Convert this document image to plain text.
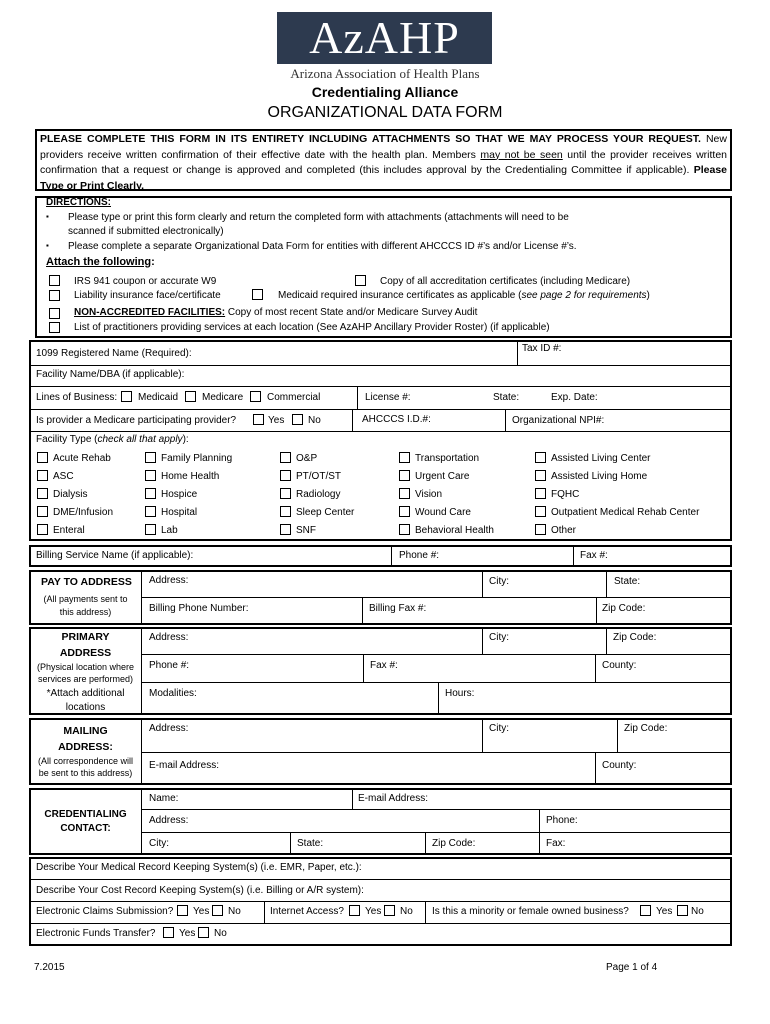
AzAHP
Arizona Association of Health Plans
Credentialing Alliance
ORGANIZATIONAL DATA FORM
PLEASE COMPLETE THIS FORM IN ITS ENTIRETY INCLUDING ATTACHMENTS SO THAT WE MAY PROCESS YOUR REQUEST. New providers receive written confirmation of their effective date with the health plan. Members may not be seen until the provider receives written confirmation that a request or change is approved and completed (this includes approval by the Credentialing Committee if applicable). Please Type or Print Clearly.
DIRECTIONS:
▪ Please type or print this form clearly and return the completed form with attachments (attachments will need to be
scanned if submitted electronically)
▪ Please complete a separate Organizational Data Form for entities with different AHCCCS ID #’s and/or License #’s.
Attach the following:
IRS 941 coupon or accurate W9	Copy of all accreditation certificates (including Medicare)
Liability insurance face/certificate	Medicaid required insurance certificates as applicable (see page 2 for requirements)
NON-ACCREDITED FACILITIES: Copy of most recent State and/or Medicare Survey Audit
List of practitioners providing services at each location (See AzAHP Ancillary Provider Roster) (if applicable)
1099 Registered Name (Required):	Tax ID #:
Facility Name/DBA (if applicable):
Lines of Business: Medicaid Medicare Commercial	License #:	State:	Exp. Date:
Is provider a Medicare participating provider?	Yes No	AHCCCS I.D.#:	Organizational NPI#:
Facility Type (check all that apply):
Acute Rehab	Family Planning	O&P	Transportation	Assisted Living Center
ASC	Home Health	PT/OT/ST	Urgent Care	Assisted Living Home
Dialysis	Hospice	Radiology	Vision	FQHC
DME/Infusion	Hospital	Sleep Center	Wound Care	Outpatient Medical Rehab Center
Enteral	Lab	SNF	Behavioral Health	Other
Billing Service Name (if applicable):	Phone #:	Fax #:
PAY TO ADDRESS
(All payments sent to
this address)
Address:	City:	State:
Billing Phone Number:	Billing Fax #:	Zip Code:
PRIMARY
ADDRESS
(Physical location where
services are performed)
*Attach additional
locations
Address:	City:	Zip Code:
Phone #:	Fax #:	County:
Modalities:	Hours:
MAILING
ADDRESS:
(All correspondence will
be sent to this address)
Address:	City:	Zip Code:
E-mail Address:	County:
CREDENTIALING
CONTACT:
Name:	E-mail Address:
Address:	Phone:
City:	State:	Zip Code:	Fax:
Describe Your Medical Record Keeping System(s) (i.e. EMR, Paper, etc.):
Describe Your Cost Record Keeping System(s) (i.e. Billing or A/R system):
Electronic Claims Submission? Yes No	Internet Access? Yes No Is this a minority or female owned business?	Yes No
Electronic Funds Transfer? Yes No
7.2015	Page 1 of 4
